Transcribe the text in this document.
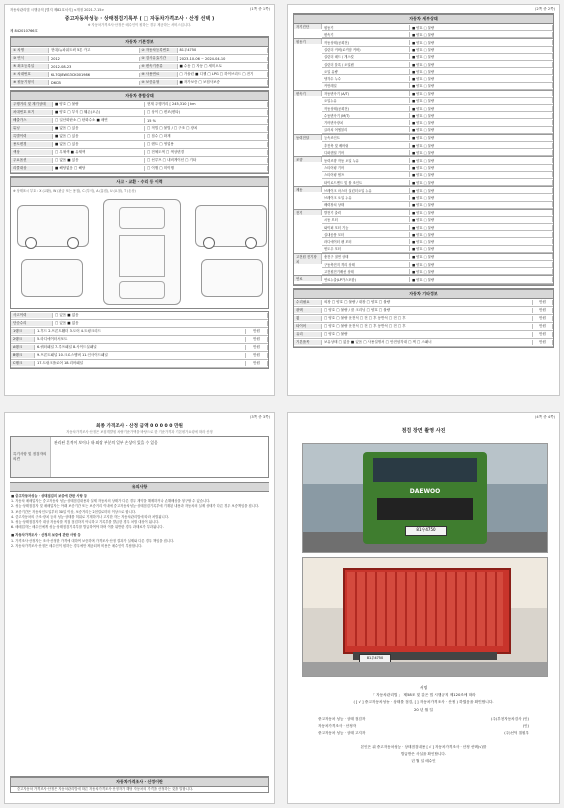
자동차관리법 시행규칙 [별지 제82호서식] <개정 2021.7.15>	(1쪽 중 1쪽)
중고자동차성능 · 상태점검기록부 ( □ 자동차가격조사 · 산정 선택 )
※ 자동차가격조사·산정은 매수인이 원하는 경우 제공하는 서비스입니다.
제 842010766호
자동차 기본정보
① 차명	현대/뉴파워트럭 5톤 카고	② 자동차등록번호	81우4750
③ 연식	2012	④ 검사유효기간	2023-10-06 ~ 2024-04-10
⑤ 최초등록일	2012-08-23	⑥ 변속기종류	■ 수동 □ 자동 □ 세미오토
⑦ 차대번호	KL7GJ8WG3CK001986	⑧ 사용연료	□ 가솔린 ■ 디젤 □ LPG □ 하이브리드 □ 전기
⑨ 원동기형식	D6CB	⑩ 보증유형	■ 자가보증 □ 보험사보증
자동차 종합상태
주행거리 및 계기상태	■ 양호 □ 불량	현재 주행거리 [ 245,310 ] km
차대번호 표기	■ 양호 □ 부식 □ 훼손(오손)	□ 상이 □ 변조(변타)
배출가스	□ 일산화탄소 □ 탄화수소 ■ 매연	15 %
튜닝	■ 없음 □ 있음	□ 적법 □ 불법 / □ 구조 □ 장치
특별이력	■ 없음 □ 있음	□ 침수 □ 화재
용도변경	■ 없음 □ 있음	□ 렌트 □ 영업용
색상	□ 무채색 ■ 유채색	□ 전체도색 □ 색상변경
주요옵션	□ 없음 ■ 있음	□ 선루프 □ 내비게이션 □ 기타
리콜대상	■ 해당없음 □ 해당	□ 이행 □ 미이행
사고 · 교환 · 수리 등 이력
※ 상태표시 부호 : X (교환), W (판금 또는 용접), C (부식), A (흠집), U (요철), T (손상)
사고이력	□ 있음 ■ 없음
단순수리	□ 있음 ■ 없음
1랭크	1.후드 2.프론트휀더 3.도어 4.트렁크리드	만원
2랭크	5.라디에이터서포트	만원
A랭크	6.쿼터패널 7.루프패널 8.사이드실패널	만원
B랭크	9.프론트패널 10.크로스멤버 11.인사이드패널	만원
C랭크	17.트렁크플로어 18.리어패널	만원
(2쪽 중 2쪽)
자동차 세부상태
자기진단	원동기	■ 양호 □ 불량
변속기	■ 양호 □ 불량
원동기	작동상태(공회전)	■ 양호 □ 불량
실린더 커버(로커암 커버)	■ 양호 □ 불량
실린더 헤드 / 개스킷	■ 양호 □ 불량
실린더 블록 / 오일팬	■ 양호 □ 불량
오일 유량	■ 양호 □ 불량
냉각수 누수	■ 양호 □ 불량
커먼레일	■ 양호 □ 불량
변속기	자동변속기 (A/T)	■ 양호 □ 불량
오일누유	■ 양호 □ 불량
작동상태(공회전)	■ 양호 □ 불량
수동변속기 (M/T)	■ 양호 □ 불량
기어변속장치	■ 양호 □ 불량
클러치 어셈블리	■ 양호 □ 불량
동력전달	등속조인트	■ 양호 □ 불량
추진축 및 베어링	■ 양호 □ 불량
디퍼렌셜 기어	■ 양호 □ 불량
조향	동력조향 작동 오일 누유	■ 양호 □ 불량
스티어링 기어	■ 양호 □ 불량
스티어링 펌프	■ 양호 □ 불량
타이로드엔드 및 볼 조인트	■ 양호 □ 불량
제동	브레이크 마스터 실린더오일 누유	■ 양호 □ 불량
브레이크 오일 누유	■ 양호 □ 불량
배력장치 상태	■ 양호 □ 불량
전기	발전기 출력	■ 양호 □ 불량
시동 모터	■ 양호 □ 불량
와이퍼 모터 기능	■ 양호 □ 불량
실내송풍 모터	■ 양호 □ 불량
라디에이터 팬 모터	■ 양호 □ 불량
윈도우 모터	■ 양호 □ 불량
고전원 전기장치
충전구 절연 상태	■ 양호 □ 불량
구동축전지 격리 상태	■ 양호 □ 불량
고전원전기배선 상태	■ 양호 □ 불량
연료	연료누출(LP가스포함)	■ 양호 □ 불량
자동차 기타정보
수리필요	외장 □ 양호 □ 불량 / 내장 □ 양호 □ 불량	만원
광택	□ 양호 □ 불량 / 룸 크리닝 □ 양호 □ 불량	만원
휠	□ 양호 □ 불량 운전석 □ 전 □ 후 동반석 □ 전 □ 후	만원
타이어	□ 양호 □ 불량 운전석 □ 전 □ 후 동반석 □ 전 □ 후	만원
유리	□ 양호 □ 불량	만원
기본품목	보유상태 □ 없음 ■ 있음 □ 사용설명서 □ 안전삼각대 □ 잭 □ 스패너	만원
(3쪽 중 3쪽)
최종 가격조사 · 산정 금액 0 0 0 0 0 만원
자동차가격조사·산정은 보험개발원 차량기준가액을 바탕으로 한 기준가격과 기본평가요령에 따라 산정
특기사항 및 점검자의 의견
관리된 흔적이 보이나 내·외장 부분의 일부 손상이 있을 수 있음
유의사항
■ 중고자동차성능 · 상태점검의 보증에 관한 사항 등
1. 자동차 매매업자는 중고자동차 성능·상태점검내용과 실제 자동차의 상태가 다른 경우 계약을 해제하거나 손해배상을 청구할 수 있습니다.
2. 성능·상태점검자 및 매매업자는 아래 보증기간 또는 보증거리 이내에 중고자동차성능·상태점검기록부에 기재된 내용과 자동차의 실제 상태가 다른 경우 보증책임을 집니다.
3. 보증기간은 자동차인도일부터 30일 이상, 보증거리는 2천킬로미터 이상으로 합니다.
4. 중고자동차의 구조·장치 등의 성능·상태를 허위로 기재하거나 고지한 자는 자동차관리법에 따라 처벌됩니다.
5. 성능·상태점검자가 대상 자동차를 직접 점검하지 아니하고 기록부를 발급한 경우 처벌 대상이 됩니다.
6. 매매업자는 매수인에게 성능·상태점검기록부를 발급하여야 하며 이를 위반한 경우 과태료가 부과됩니다.
■ 자동차가격조사 · 산정의 보증에 관한 사항 등
1. 가격조사·산정자는 조사·산정한 가격에 대하여 보증하며 가격조사·산정 결과가 실제와 다른 경우 책임을 집니다.
2. 자동차가격조사·산정은 매수인이 원하는 경우에만 제공되며 비용은 매수인이 부담합니다.
자동차가격조사 · 산정이란
중고자동차 가격조사·산정은 자동차관리법에 따른 자동차가격조사·산정자가 해당 자동차의 가격을 산정하는 것을 말합니다.
(4쪽 중 4쪽)
점검 장면 촬영 사진
DAEWOO
81우4750
81우4750
서명
「 자동차관리법 」 제58조 및 같은 법 시행규칙 제120조에 따라
( [ √ ] 중고자동차성능 · 상태를 점검, [ ] 자동차가격조사 · 산정 ) 하였음을 확인합니다.
20 년 월 일
중고자동차 성능 · 상태 점검자	(주)부천자동차검사 (인)
자동차가격조사 · 산정자	(인)
중고자동차 성능 · 상태 고지자	(주)선덕 칠원우
본인은 위 중고자동차성능 · 상태점검내용 [ √ ] 자동차가격조사 · 산정 선택(√)를
발급받은 사실을 확인합니다.
년 월 일 매수인
